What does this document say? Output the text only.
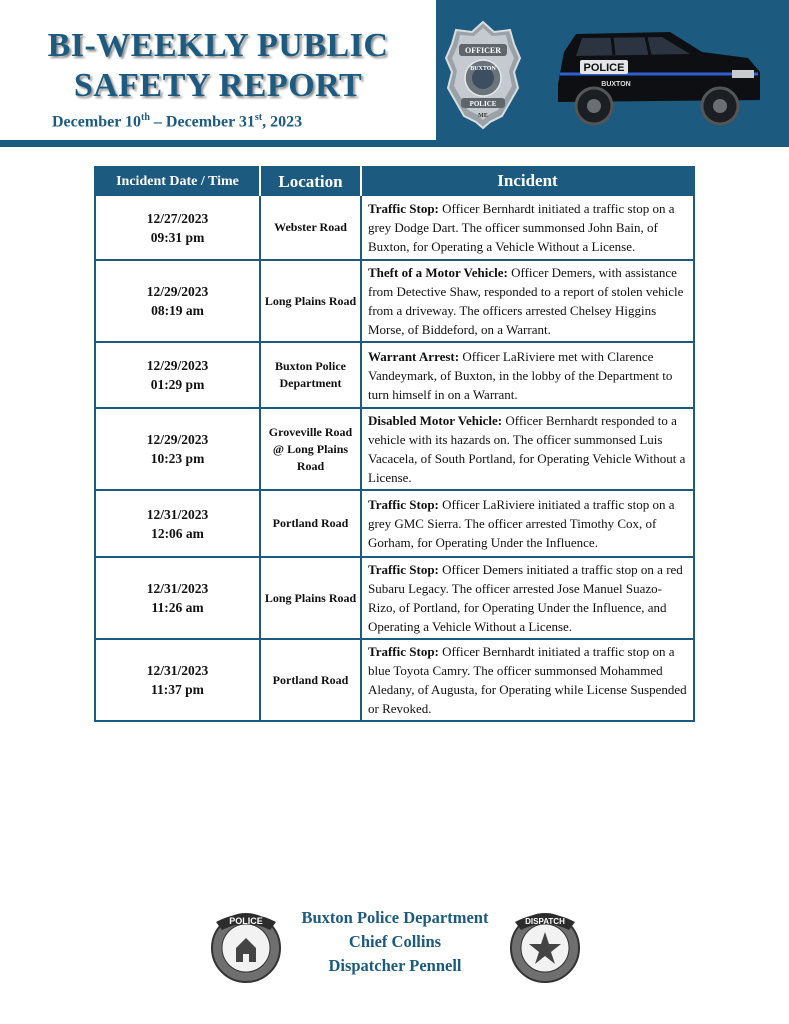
BI-WEEKLY PUBLIC
SAFETY REPORT
December 10th – December 31st, 2023
OFFICER
BUXTON
POLICE
ME
POLICE
BUXTON
Incident Date / Time	Location	Incident

12/27/2023
09:31 pm	Webster Road	Traffic Stop: Officer Bernhardt initiated a traffic stop on a grey Dodge Dart. The officer summonsed John Bain, of Buxton, for Operating a Vehicle Without a License.

12/29/2023
08:19 am	Long Plains Road	Theft of a Motor Vehicle: Officer Demers, with assistance from Detective Shaw, responded to a report of stolen vehicle from a driveway. The officers arrested Chelsey Higgins Morse, of Biddeford, on a Warrant.

12/29/2023
01:29 pm	Buxton Police Department	Warrant Arrest: Officer LaRiviere met with Clarence Vandeymark, of Buxton, in the lobby of the Department to turn himself in on a Warrant.

12/29/2023
10:23 pm	Groveville Road @ Long Plains Road	Disabled Motor Vehicle: Officer Bernhardt responded to a vehicle with its hazards on. The officer summonsed Luis Vacacela, of South Portland, for Operating Vehicle Without a License.

12/31/2023
12:06 am	Portland Road	Traffic Stop: Officer LaRiviere initiated a traffic stop on a grey GMC Sierra. The officer arrested Timothy Cox, of Gorham, for Operating Under the Influence.

12/31/2023
11:26 am	Long Plains Road	Traffic Stop: Officer Demers initiated a traffic stop on a red Subaru Legacy. The officer arrested Jose Manuel Suazo-Rizo, of Portland, for Operating Under the Influence, and Operating a Vehicle Without a License.

12/31/2023
11:37 pm	Portland Road	Traffic Stop: Officer Bernhardt initiated a traffic stop on a blue Toyota Camry. The officer summonsed Mohammed Aledany, of Augusta, for Operating while License Suspended or Revoked.
POLICE	Buxton Police Department
Chief Collins
Dispatcher Pennell
DISPATCH
